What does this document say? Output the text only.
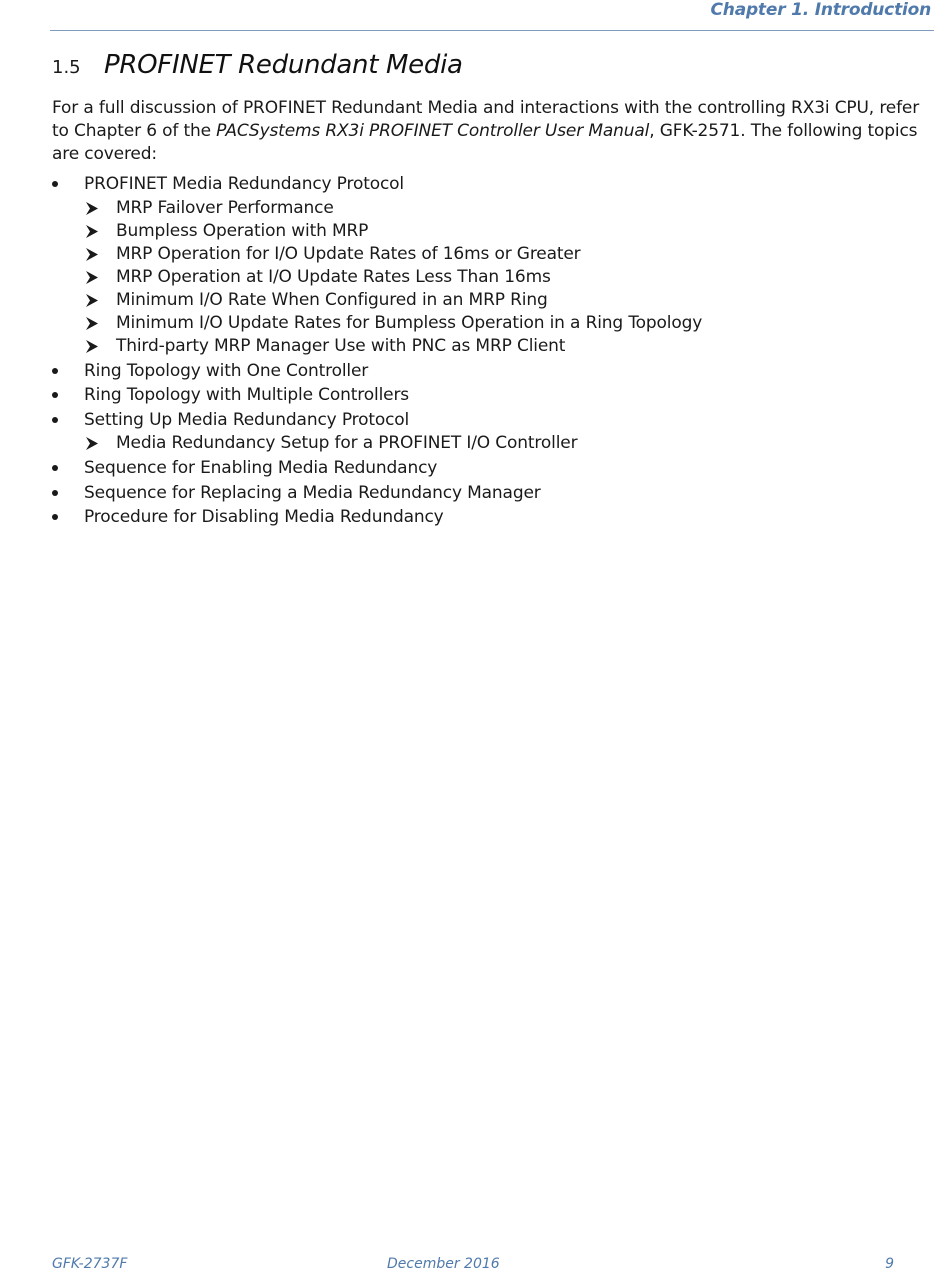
Chapter 1. Introduction
1.5 PROFINET Redundant Media

For a full discussion of PROFINET Redundant Media and interactions with the controlling RX3i CPU, refer to Chapter 6 of the PACSystems RX3i PROFINET Controller User Manual, GFK-2571. The following topics are covered:

PROFINET Media Redundancy Protocol
MRP Failover Performance
Bumpless Operation with MRP
MRP Operation for I/O Update Rates of 16ms or Greater
MRP Operation at I/O Update Rates Less Than 16ms
Minimum I/O Rate When Configured in an MRP Ring
Minimum I/O Update Rates for Bumpless Operation in a Ring Topology
Third-party MRP Manager Use with PNC as MRP Client
Ring Topology with One Controller
Ring Topology with Multiple Controllers
Setting Up Media Redundancy Protocol
Media Redundancy Setup for a PROFINET I/O Controller
Sequence for Enabling Media Redundancy
Sequence for Replacing a Media Redundancy Manager
Procedure for Disabling Media Redundancy
GFK-2737F	December 2016	9
